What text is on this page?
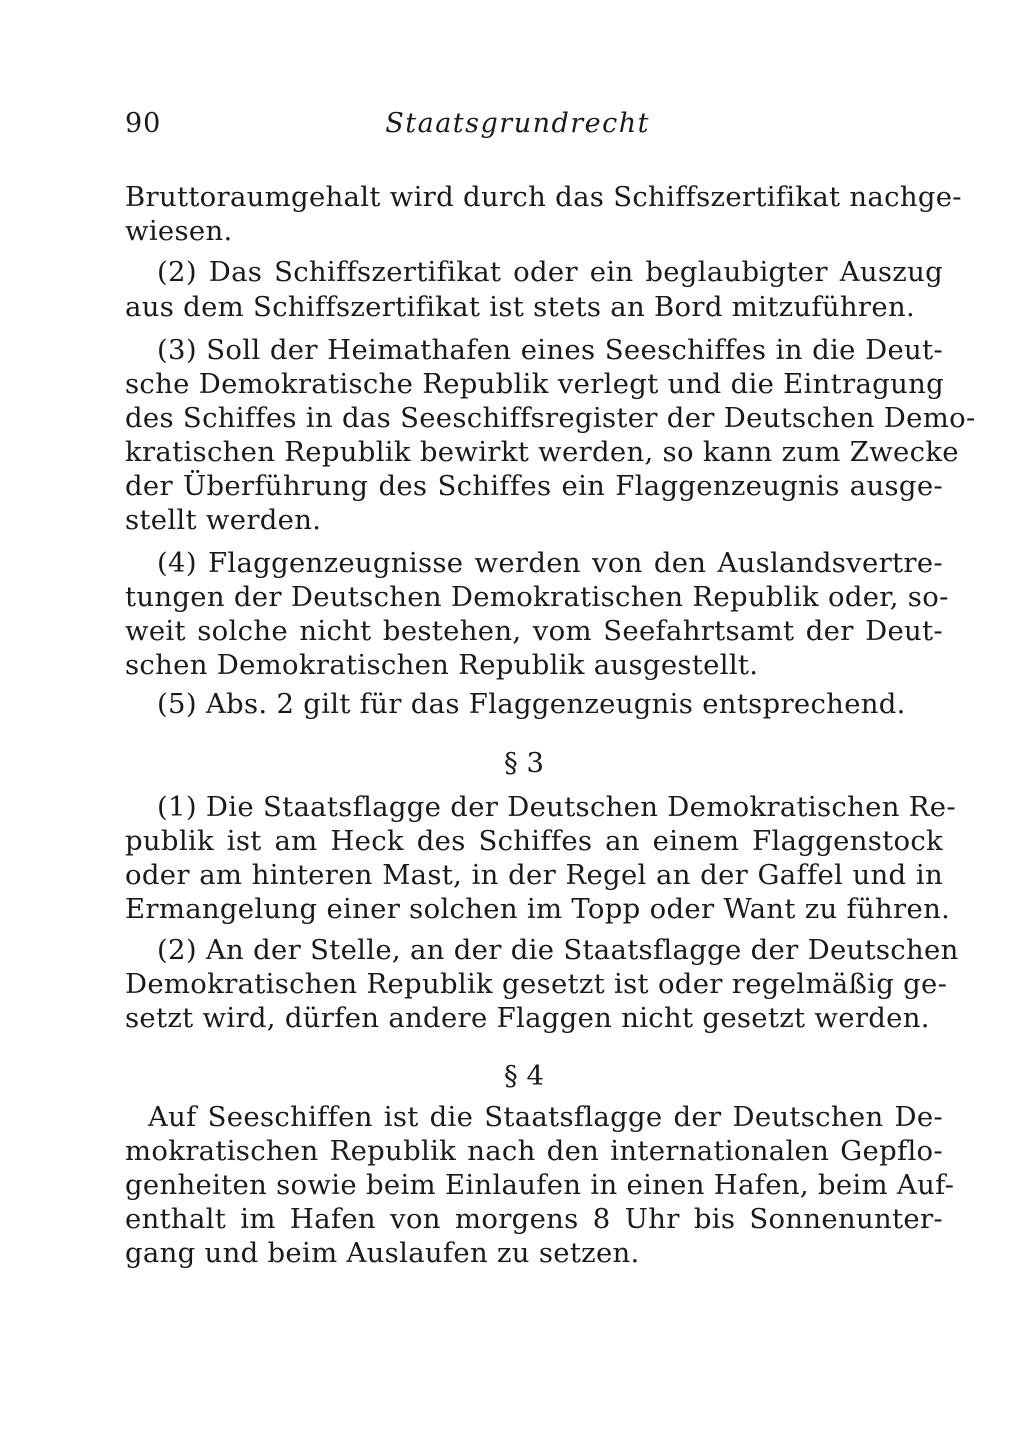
90	Staatsgrundrecht
Bruttoraumgehalt wird durch das Schiffszertifikat nachge-
wiesen.
(2) Das Schiffszertifikat oder ein beglaubigter Auszug
aus dem Schiffszertifikat ist stets an Bord mitzuführen.
(3) Soll der Heimathafen eines Seeschiffes in die Deut-
sche Demokratische Republik verlegt und die Eintragung
des Schiffes in das Seeschiffsregister der Deutschen Demo-
kratischen Republik bewirkt werden, so kann zum Zwecke
der Überführung des Schiffes ein Flaggenzeugnis ausge-
stellt werden.
(4) Flaggenzeugnisse werden von den Auslandsvertre-
tungen der Deutschen Demokratischen Republik oder, so-
weit solche nicht bestehen, vom Seefahrtsamt der Deut-
schen Demokratischen Republik ausgestellt.
(5) Abs. 2 gilt für das Flaggenzeugnis entsprechend.
§ 3
(1) Die Staatsflagge der Deutschen Demokratischen Re-
publik ist am Heck des Schiffes an einem Flaggenstock
oder am hinteren Mast, in der Regel an der Gaffel und in
Ermangelung einer solchen im Topp oder Want zu führen.
(2) An der Stelle, an der die Staatsflagge der Deutschen
Demokratischen Republik gesetzt ist oder regelmäßig ge-
setzt wird, dürfen andere Flaggen nicht gesetzt werden.
§ 4
Auf Seeschiffen ist die Staatsflagge der Deutschen De-
mokratischen Republik nach den internationalen Gepflo-
genheiten sowie beim Einlaufen in einen Hafen, beim Auf-
enthalt im Hafen von morgens 8 Uhr bis Sonnenunter-
gang und beim Auslaufen zu setzen.
